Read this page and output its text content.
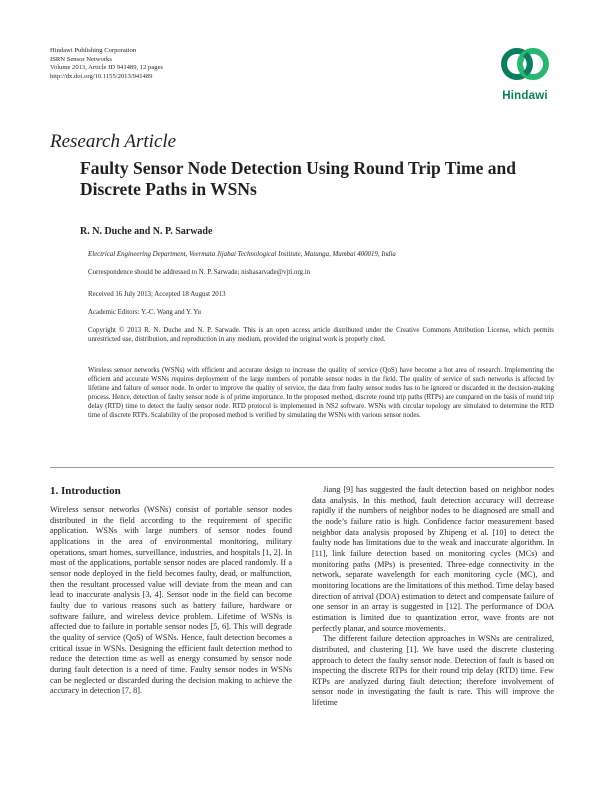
Hindawi Publishing Corporation
ISRN Sensor Networks
Volume 2013, Article ID 941489, 12 pages
http://dx.doi.org/10.1155/2013/941489
Hindawi
Research Article
Faulty Sensor Node Detection Using Round Trip Time and
Discrete Paths in WSNs
R. N. Duche and N. P. Sarwade
Electrical Engineering Department, Veermata Jijabai Technological Institute, Matunga, Mumbai 400019, India
Correspondence should be addressed to N. P. Sarwade; nishasarvade@vjti.org.in
Received 16 July 2013; Accepted 18 August 2013
Academic Editors: Y.-C. Wang and Y. Yu
Copyright © 2013 R. N. Duche and N. P. Sarwade. This is an open access article distributed under the Creative Commons Attribution License, which permits unrestricted use, distribution, and reproduction in any medium, provided the original work is properly cited.
Wireless sensor networks (WSNs) with efficient and accurate design to increase the quality of service (QoS) have become a hot area of research. Implementing the efficient and accurate WSNs requires deployment of the large numbers of portable sensor nodes in the field. The quality of service of such networks is affected by lifetime and failure of sensor node. In order to improve the quality of service, the data from faulty sensor nodes has to be ignored or discarded in the decision-making process. Hence, detection of faulty sensor node is of prime importance. In the proposed method, discrete round trip paths (RTPs) are compared on the basis of round trip delay (RTD) time to detect the faulty sensor node. RTD protocol is implemented in NS2 software. WSNs with circular topology are simulated to determine the RTD time of discrete RTPs. Scalability of the proposed method is verified by simulating the WSNs with various sensor nodes.
1. Introduction

Wireless sensor networks (WSNs) consist of portable sensor nodes distributed in the field according to the requirement of specific application. WSNs with large numbers of sensor nodes found applications in the area of environmental monitoring, military operations, smart homes, surveillance, industries, and hospitals [1, 2]. In most of the applications, portable sensor nodes are placed randomly. If a sensor node deployed in the field becomes faulty, dead, or malfunction, then the resultant processed value will deviate from the mean and can lead to inaccurate analysis [3, 4]. Sensor node in the field can become faulty due to various reasons such as battery failure, hardware or software failure, and wireless device problem. Lifetime of WSNs is affected due to failure in portable sensor nodes [5, 6]. This will degrade the quality of service (QoS) of WSNs. Hence, fault detection becomes a critical issue in WSNs. Designing the efficient fault detection method to reduce the detection time as well as energy consumed by sensor node during fault detection is a need of time. Faulty sensor nodes in WSNs can be neglected or discarded during the decision making to achieve the accuracy in detection [7, 8].

Jiang [9] has suggested the fault detection based on neighbor nodes data analysis. In this method, fault detection accuracy will decrease rapidly if the numbers of neighbor nodes to be diagnosed are small and the node’s failure ratio is high. Confidence factor measurement based neighbor data analysis proposed by Zhipeng et al. [10] to detect the faulty node has limitations due to the weak and inaccurate algorithm. In [11], link failure detection based on monitoring cycles (MCs) and monitoring paths (MPs) is presented. Three-edge connectivity in the network, separate wavelength for each monitoring cycle (MC), and monitoring locations are the limitations of this method. Time delay based direction of arrival (DOA) estimation to detect and compensate failure of one sensor in an array is suggested in [12]. The performance of DOA estimation is limited due to quantization error, wave fronts are not perfectly planar, and source movements.

The different failure detection approaches in WSNs are centralized, distributed, and clustering [1]. We have used the discrete clustering approach to detect the faulty sensor node. Detection of fault is based on inspecting the discrete RTPs for their round trip delay (RTD) time. Few RTPs are analyzed during fault detection; therefore involvement of sensor node in investigating the fault is rare. This will improve the lifetime
